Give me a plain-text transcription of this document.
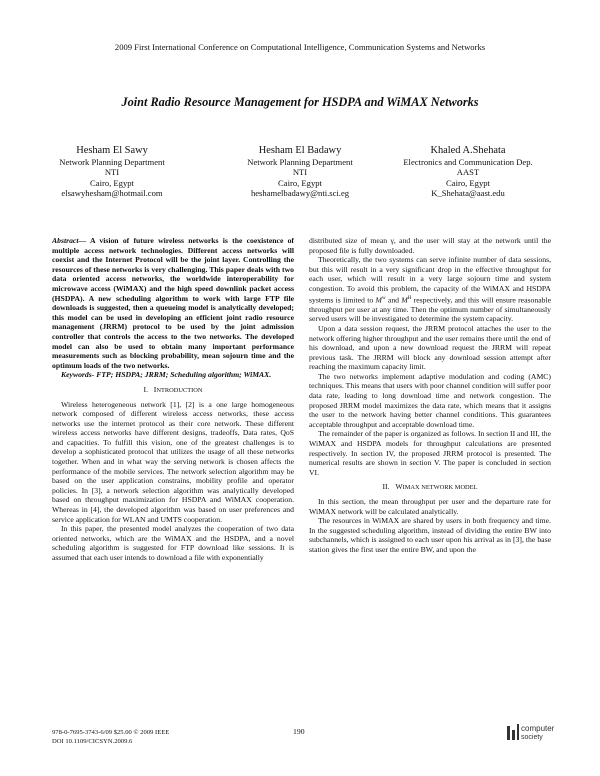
2009 First International Conference on Computational Intelligence, Communication Systems and Networks
Joint Radio Resource Management for HSDPA and WiMAX Networks
Hesham El Sawy
Network Planning Department
NTI
Cairo, Egypt
elsawyhesham@hotmail.com
Hesham El Badawy
Network Planning Department
NTI
Cairo, Egypt
heshamelbadawy@nti.sci.eg
Khaled A.Shehata
Electronics and Communication Dep.
AAST
Cairo, Egypt
K_Shehata@aast.edu

Abstract— A vision of future wireless networks is the coexistence of multiple access network technologies. Different access networks will coexist and the Internet Protocol will be the joint layer. Controlling the resources of these networks is very challenging. This paper deals with two data oriented access networks, the worldwide interoperability for microwave access (WiMAX) and the high speed downlink packet access (HSDPA). A new scheduling algorithm to work with large FTP file downloads is suggested, then a queueing model is analytically developed; this model can be used in developing an efficient joint radio resource management (JRRM) protocol to be used by the joint admission controller that controls the access to the two networks. The developed model can also be used to obtain many important performance measurements such as blocking probability, mean sojourn time and the optimum loads of the two networks.

Keywords- FTP; HSDPA; JRRM; Scheduling algorithm; WiMAX.

I. INTRODUCTION

Wireless heterogeneous network [1], [2] is a one large homogeneous network composed of different wireless access networks, these access networks use the internet protocol as their core network. These different wireless access networks have different designs, tradeoffs, Data rates, QoS and capacities. To fulfill this vision, one of the greatest challenges is to develop a sophisticated protocol that utilizes the usage of all these networks together. When and in what way the serving network is chosen affects the performance of the mobile services. The network selection algorithm may be based on the user application constrains, mobility profile and operator policies. In [3], a network selection algorithm was analytically developed based on throughput maximization for HSDPA and WiMAX cooperation. Whereas in [4], the developed algorithm was based on user preferences and service application for WLAN and UMTS cooperation.

In this paper, the presented model analyzes the cooperation of two data oriented networks, which are the WiMAX and the HSDPA, and a novel scheduling algorithm is suggested for FTP download like sessions. It is assumed that each user intends to download a file with exponentially

distributed size of mean γ, and the user will stay at the network until the proposed file is fully downloaded.

Theoretically, the two systems can serve infinite number of data sessions, but this will result in a very significant drop in the effective throughput for each user, which will result in a very large sojourn time and system congestion. To avoid this problem, the capacity of the WiMAX and HSDPA systems is limited to $M^w$ and $M^H$ respectively, and this will ensure reasonable throughput per user at any time. Then the optimum number of simultaneously served users will be investigated to determine the system capacity.

Upon a data session request, the JRRM protocol attaches the user to the network offering higher throughput and the user remains there until the end of his download, and upon a new download request the JRRM will repeat previous task. The JRRM will block any download session attempt after reaching the maximum capacity limit.

The two networks implement adaptive modulation and coding (AMC) techniques. This means that users with poor channel condition will suffer poor data rate, leading to long download time and network congestion. The proposed JRRM model maximizes the data rate, which means that it assigns the user to the network having better channel conditions. This guarantees acceptable throughput and acceptable download time.

The remainder of the paper is organized as follows. In section II and III, the WiMAX and HSDPA models for throughput calculations are presented respectively. In section IV, the proposed JRRM protocol is presented. The numerical results are shown in section V. The paper is concluded in section VI.

II. WIMAX NETWORK MODEL

In this section, the mean throughput per user and the departure rate for WiMAX network will be calculated analytically.

The resources in WiMAX are shared by users in both frequency and time. In the suggested scheduling algorithm, instead of dividing the entire BW into subchannels, which is assigned to each user upon his arrival as in [3], the base station gives the first user the entire BW, and upon the

978-0-7695-3743-6/09 $25.00 © 2009 IEEE
DOI 10.1109/CICSYN.2009.6
190	computer
society
